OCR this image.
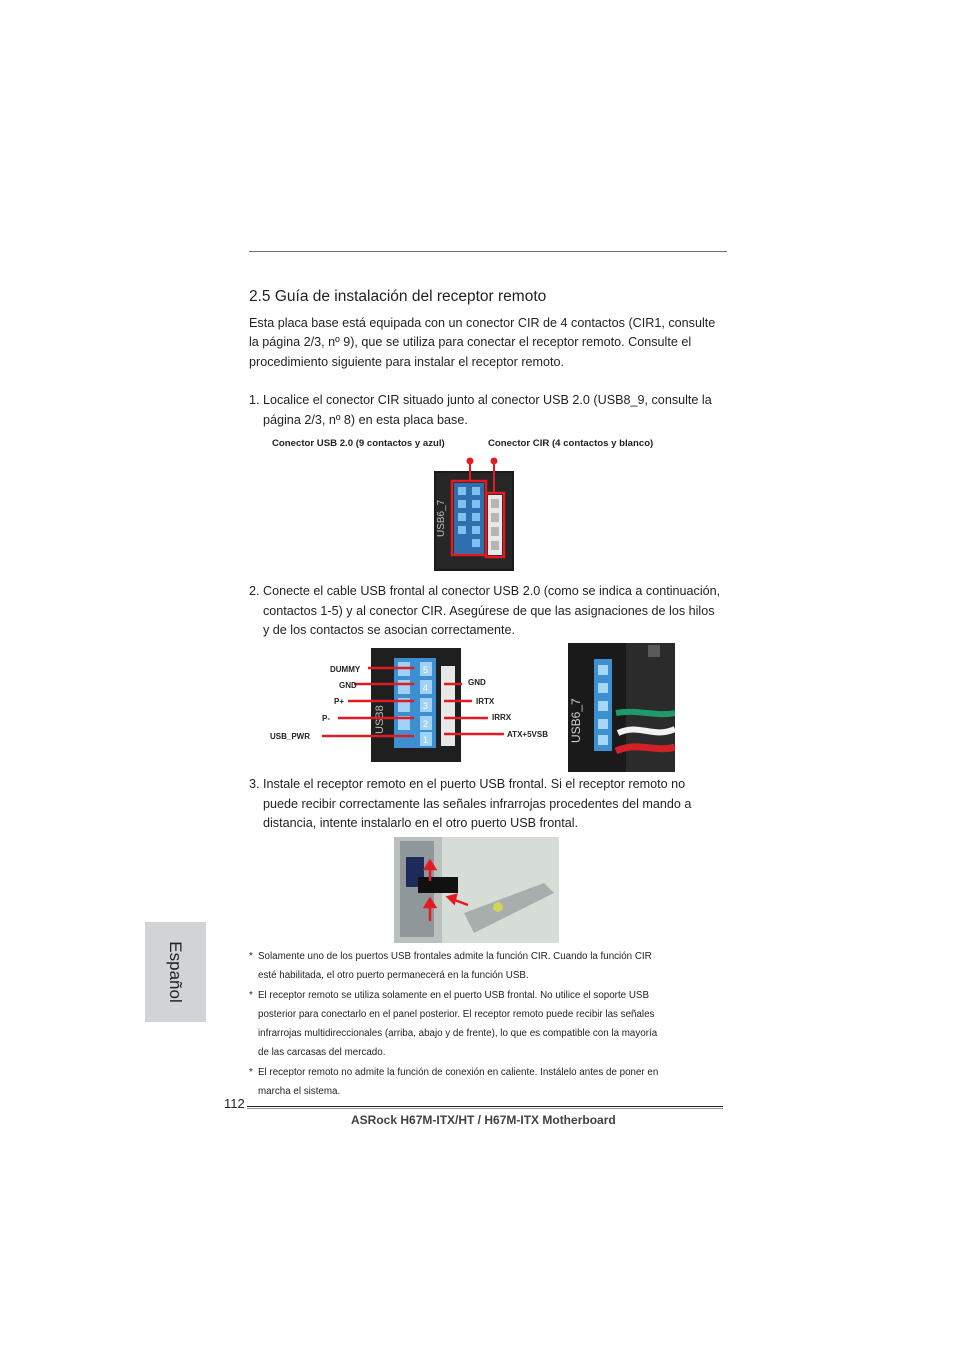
2.5 Guía de instalación del receptor remoto
Esta placa base está equipada con un conector CIR de 4 contactos (CIR1, consulte
la página 2/3, nº 9), que se utiliza para conectar el receptor remoto. Consulte el
procedimiento siguiente para instalar el receptor remoto.
1. Localice el conector CIR situado junto al conector USB 2.0 (USB8_9, consulte la
página 2/3, nº 8) en esta placa base.
Conector USB 2.0 (9 contactos y azul)	Conector CIR (4 contactos y blanco)
USB6_7
2. Conecte el cable USB frontal al conector USB 2.0 (como se indica a continuación,
contactos 1-5) y al conector CIR. Asegúrese de que las asignaciones de los hilos
y de los contactos se asocian correctamente.
USB8
5
4
3
2
1
DUMMY
GND
P+
P-
USB_PWR
GND
IRTX
IRRX
ATX+5VSB USB6_7
3. Instale el receptor remoto en el puerto USB frontal. Si el receptor remoto no
puede recibir correctamente las señales infrarrojas procedentes del mando a
distancia, intente instalarlo en el otro puerto USB frontal.
* Solamente uno de los puertos USB frontales admite la función CIR. Cuando la función CIR
esté habilitada, el otro puerto permanecerá en la función USB.
* El receptor remoto se utiliza solamente en el puerto USB frontal. No utilice el soporte USB
posterior para conectarlo en el panel posterior. El receptor remoto puede recibir las señales
infrarrojas multidireccionales (arriba, abajo y de frente), lo que es compatible con la mayoría
de las carcasas del mercado.
* El receptor remoto no admite la función de conexión en caliente. Instálelo antes de poner en
marcha el sistema.
Español
112
ASRock H67M-ITX/HT / H67M-ITX Motherboard
